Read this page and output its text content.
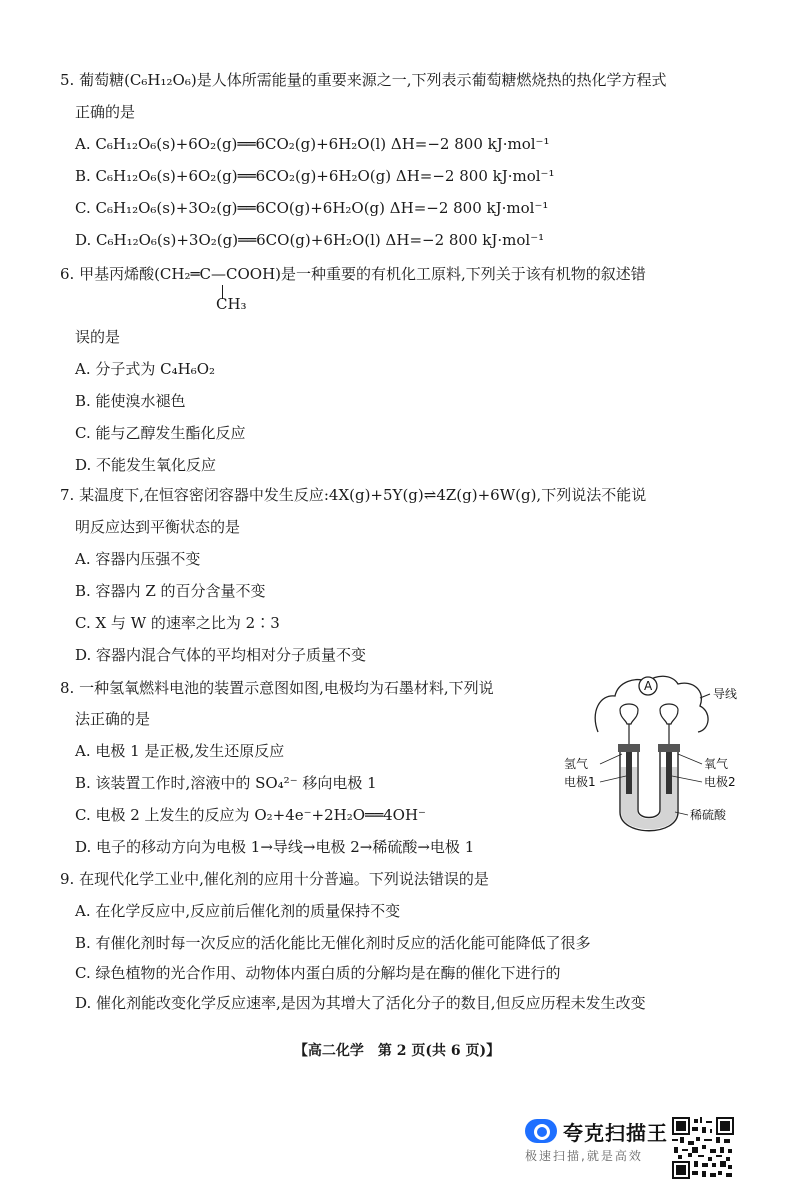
5. 葡萄糖(C₆H₁₂O₆)是人体所需能量的重要来源之一,下列表示葡萄糖燃烧热的热化学方程式
正确的是
A. C₆H₁₂O₆(s)+6O₂(g)══6CO₂(g)+6H₂O(l) ΔH=−2 800 kJ·mol⁻¹
B. C₆H₁₂O₆(s)+6O₂(g)══6CO₂(g)+6H₂O(g) ΔH=−2 800 kJ·mol⁻¹
C. C₆H₁₂O₆(s)+3O₂(g)══6CO(g)+6H₂O(g) ΔH=−2 800 kJ·mol⁻¹
D. C₆H₁₂O₆(s)+3O₂(g)══6CO(g)+6H₂O(l) ΔH=−2 800 kJ·mol⁻¹
6. 甲基丙烯酸(CH₂═C—COOH)是一种重要的有机化工原料,下列关于该有机物的叙述错
CH₃
误的是
A. 分子式为 C₄H₆O₂
B. 能使溴水褪色
C. 能与乙醇发生酯化反应
D. 不能发生氧化反应
7. 某温度下,在恒容密闭容器中发生反应:4X(g)+5Y(g)⇌4Z(g)+6W(g),下列说法不能说
明反应达到平衡状态的是
A. 容器内压强不变
B. 容器内 Z 的百分含量不变
C. X 与 W 的速率之比为 2∶3
D. 容器内混合气体的平均相对分子质量不变
8. 一种氢氧燃料电池的装置示意图如图,电极均为石墨材料,下列说
法正确的是
A. 电极 1 是正极,发生还原反应
B. 该装置工作时,溶液中的 SO₄²⁻ 移向电极 1
C. 电极 2 上发生的反应为 O₂+4e⁻+2H₂O══4OH⁻
D. 电子的移动方向为电极 1→导线→电极 2→稀硫酸→电极 1
A
导线
氢气
电极1
氧气
电极2
稀硫酸
9. 在现代化学工业中,催化剂的应用十分普遍。下列说法错误的是
A. 在化学反应中,反应前后催化剂的质量保持不变
B. 有催化剂时每一次反应的活化能比无催化剂时反应的活化能可能降低了很多
C. 绿色植物的光合作用、动物体内蛋白质的分解均是在酶的催化下进行的
D. 催化剂能改变化学反应速率,是因为其增大了活化分子的数目,但反应历程未发生改变
【高二化学　第 2 页(共 6 页)】
夸克扫描王
极速扫描,就是高效
